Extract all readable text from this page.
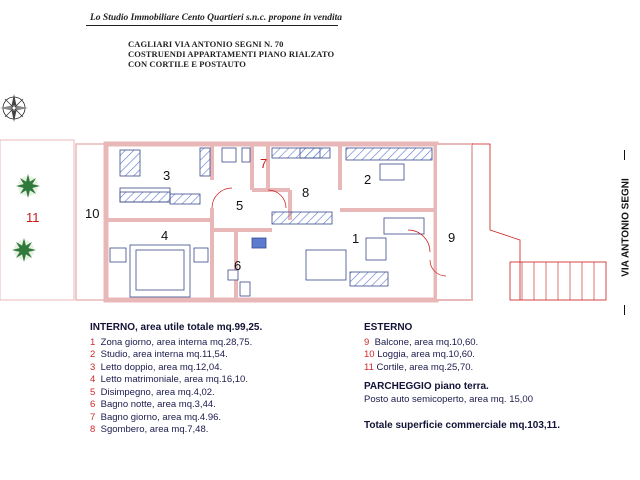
Lo Studio Immobiliare Cento Quartieri s.n.c. propone in vendita
CAGLIARI VIA ANTONIO SEGNI N. 70
COSTRUENDI APPARTAMENTI PIANO RIALZATO
CON CORTILE E POSTAUTO
1
2
3
4
5
6
7
8
9
10
11	VIA ANTONIO SEGNI
INTERNO, area utile totale mq.99,25.
1 Zona giorno, area interna mq.28,75.
2 Studio, area interna mq.11,54.
3 Letto doppio, area mq.12,04.
4 Letto matrimoniale, area mq.16,10.
5 Disimpegno, area mq.4,02.
6 Bagno notte, area mq.3,44.
7 Bagno giorno, area mq.4.96.
8 Sgombero, area mq.7,48.
ESTERNO
9 Balcone, area mq.10,60.
10 Loggia, area mq.10,60.
11 Cortile, area mq.25,70.
PARCHEGGIO piano terra.
Posto auto semicoperto, area mq. 15,00
Totale superficie commerciale mq.103,11.
